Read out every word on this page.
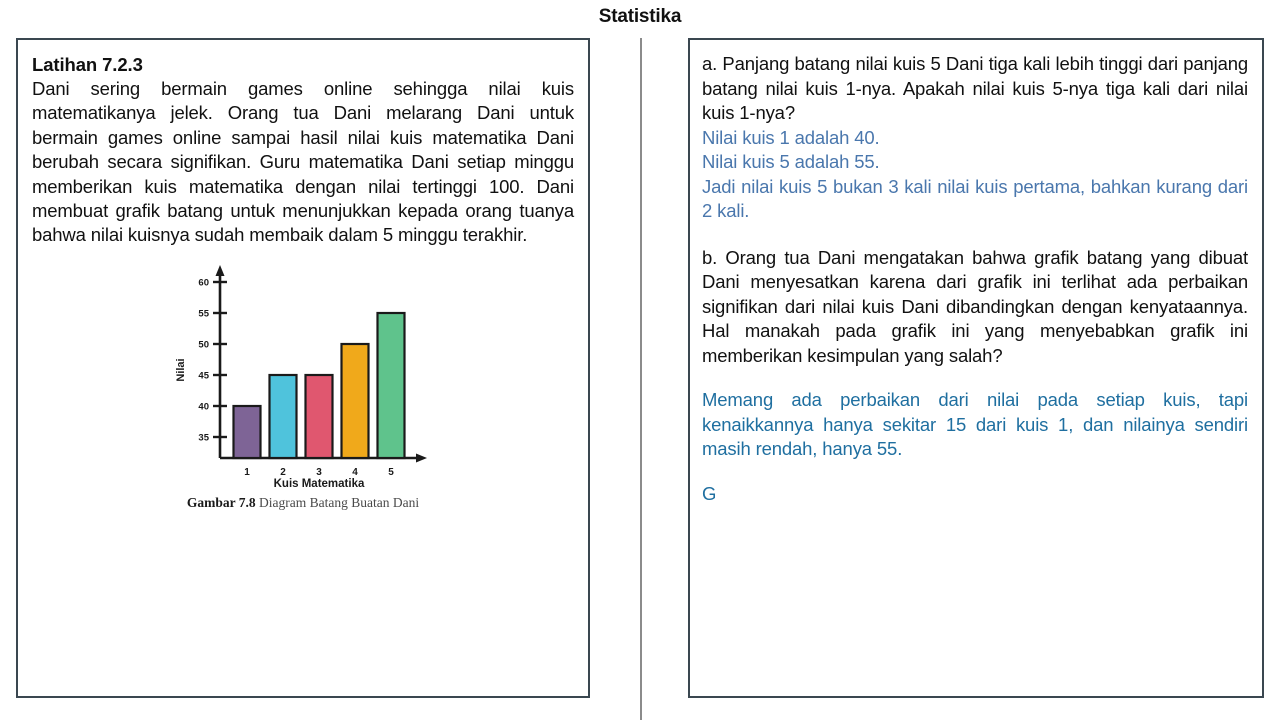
Statistika
Latihan 7.2.3
Dani sering bermain games online sehingga nilai kuis matematikanya jelek. Orang tua Dani melarang Dani untuk bermain games online sampai hasil nilai kuis matematika Dani berubah secara signifikan. Guru matematika Dani setiap minggu memberikan kuis matematika dengan nilai tertinggi 100. Dani membuat grafik batang untuk menunjukkan kepada orang tuanya bahwa nilai kuisnya sudah membaik dalam 5 minggu terakhir.
35
40
45
50
55
60
1	2	3	4	5
Kuis Matematika
Nilai
Gambar 7.8 Diagram Batang Buatan Dani
a. Panjang batang nilai kuis 5 Dani tiga kali lebih tinggi dari panjang batang nilai kuis 1-nya. Apakah nilai kuis 5-nya tiga kali dari nilai kuis 1-nya?
Nilai kuis 1 adalah 40.
Nilai kuis 5 adalah 55.
Jadi nilai kuis 5 bukan 3 kali nilai kuis pertama, bahkan kurang dari 2 kali.
b. Orang tua Dani mengatakan bahwa grafik batang yang dibuat Dani menyesatkan karena dari grafik ini terlihat ada perbaikan signifikan dari nilai kuis Dani dibandingkan dengan kenyataannya. Hal manakah pada grafik ini yang menyebabkan grafik ini memberikan kesimpulan yang salah?
Memang ada perbaikan dari nilai pada setiap kuis, tapi kenaikkannya hanya sekitar 15 dari kuis 1, dan nilainya sendiri masih rendah, hanya 55.
G
